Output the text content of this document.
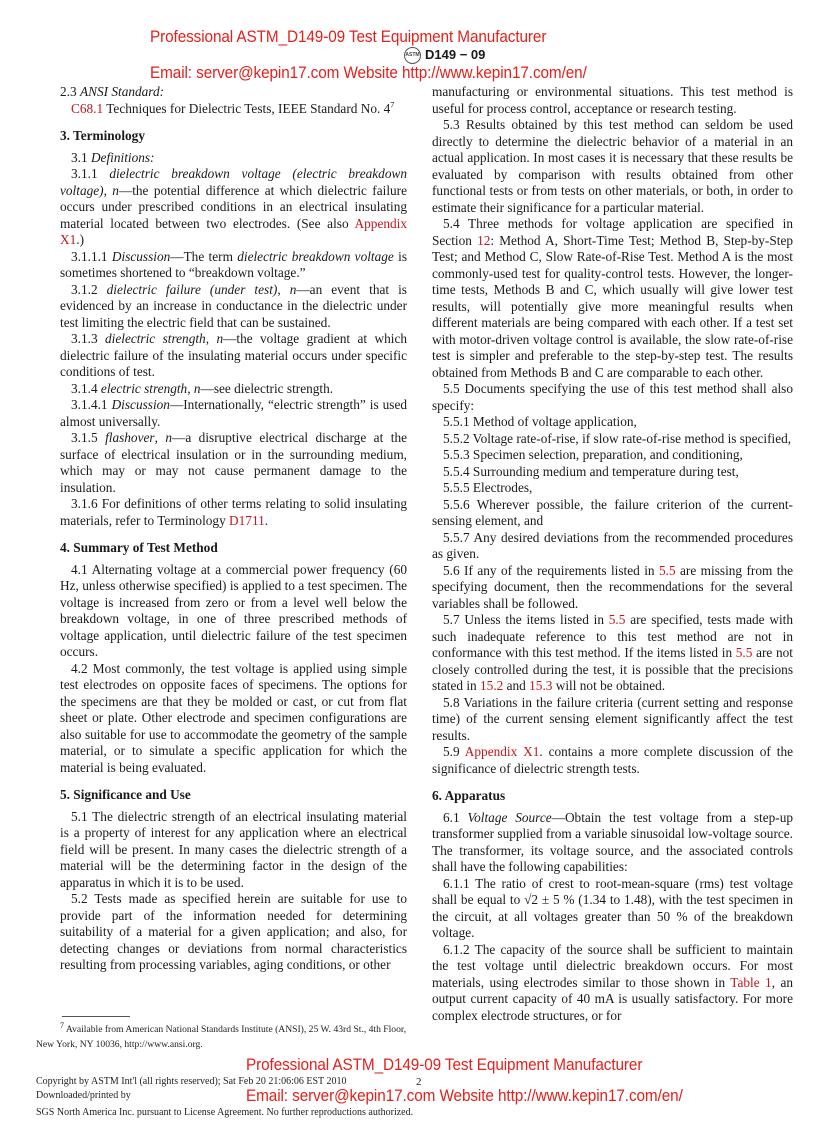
Professional ASTM_D149-09 Test Equipment Manufacturer
ASTM D149 − 09
Email: server@kepin17.com Website http://www.kepin17.com/en/

2.3 ANSI Standard:

C68.1 Techniques for Dielectric Tests, IEEE Standard No. $4^7$

3. Terminology

3.1 Definitions:

3.1.1 dielectric breakdown voltage (electric breakdown voltage), n—the potential difference at which dielectric failure occurs under prescribed conditions in an electrical insulating material located between two electrodes. (See also Appendix X1.)

3.1.1.1 Discussion—The term dielectric breakdown voltage is sometimes shortened to “breakdown voltage.”

3.1.2 dielectric failure (under test), n—an event that is evidenced by an increase in conductance in the dielectric under test limiting the electric field that can be sustained.

3.1.3 dielectric strength, n—the voltage gradient at which dielectric failure of the insulating material occurs under specific conditions of test.

3.1.4 electric strength, n—see dielectric strength.

3.1.4.1 Discussion—Internationally, “electric strength” is used almost universally.

3.1.5 flashover, n—a disruptive electrical discharge at the surface of electrical insulation or in the surrounding medium, which may or may not cause permanent damage to the insulation.

3.1.6 For definitions of other terms relating to solid insulating materials, refer to Terminology D1711.

4. Summary of Test Method

4.1 Alternating voltage at a commercial power frequency (60 Hz, unless otherwise specified) is applied to a test specimen. The voltage is increased from zero or from a level well below the breakdown voltage, in one of three prescribed methods of voltage application, until dielectric failure of the test specimen occurs.

4.2 Most commonly, the test voltage is applied using simple test electrodes on opposite faces of specimens. The options for the specimens are that they be molded or cast, or cut from flat sheet or plate. Other electrode and specimen configurations are also suitable for use to accommodate the geometry of the sample material, or to simulate a specific application for which the material is being evaluated.

5. Significance and Use

5.1 The dielectric strength of an electrical insulating material is a property of interest for any application where an electrical field will be present. In many cases the dielectric strength of a material will be the determining factor in the design of the apparatus in which it is to be used.

5.2 Tests made as specified herein are suitable for use to provide part of the information needed for determining suitability of a material for a given application; and also, for detecting changes or deviations from normal characteristics resulting from processing variables, aging conditions, or other

manufacturing or environmental situations. This test method is useful for process control, acceptance or research testing.

5.3 Results obtained by this test method can seldom be used directly to determine the dielectric behavior of a material in an actual application. In most cases it is necessary that these results be evaluated by comparison with results obtained from other functional tests or from tests on other materials, or both, in order to estimate their significance for a particular material.

5.4 Three methods for voltage application are specified in Section 12: Method A, Short-Time Test; Method B, Step-by-Step Test; and Method C, Slow Rate-of-Rise Test. Method A is the most commonly-used test for quality-control tests. However, the longer-time tests, Methods B and C, which usually will give lower test results, will potentially give more meaningful results when different materials are being compared with each other. If a test set with motor-driven voltage control is available, the slow rate-of-rise test is simpler and preferable to the step-by-step test. The results obtained from Methods B and C are comparable to each other.

5.5 Documents specifying the use of this test method shall also specify:

5.5.1 Method of voltage application,

5.5.2 Voltage rate-of-rise, if slow rate-of-rise method is specified,

5.5.3 Specimen selection, preparation, and conditioning,

5.5.4 Surrounding medium and temperature during test,

5.5.5 Electrodes,

5.5.6 Wherever possible, the failure criterion of the current-sensing element, and

5.5.7 Any desired deviations from the recommended procedures as given.

5.6 If any of the requirements listed in 5.5 are missing from the specifying document, then the recommendations for the several variables shall be followed.

5.7 Unless the items listed in 5.5 are specified, tests made with such inadequate reference to this test method are not in conformance with this test method. If the items listed in 5.5 are not closely controlled during the test, it is possible that the precisions stated in 15.2 and 15.3 will not be obtained.

5.8 Variations in the failure criteria (current setting and response time) of the current sensing element significantly affect the test results.

5.9 Appendix X1. contains a more complete discussion of the significance of dielectric strength tests.

6. Apparatus

6.1 Voltage Source—Obtain the test voltage from a step-up transformer supplied from a variable sinusoidal low-voltage source. The transformer, its voltage source, and the associated controls shall have the following capabilities:

6.1.1 The ratio of crest to root-mean-square (rms) test voltage shall be equal to √2 ± 5 % (1.34 to 1.48), with the test specimen in the circuit, at all voltages greater than 50 % of the breakdown voltage.

6.1.2 The capacity of the source shall be sufficient to maintain the test voltage until dielectric breakdown occurs. For most materials, using electrodes similar to those shown in Table 1, an output current capacity of 40 mA is usually satisfactory. For more complex electrode structures, or for

$^7$ Available from American National Standards Institute (ANSI), 25 W. 43rd St., 4th Floor, New York, NY 10036, http://www.ansi.org.
Professional ASTM_D149-09 Test Equipment Manufacturer
2
Copyright by ASTM Int'l (all rights reserved); Sat Feb 20 21:06:06 EST 2010
Downloaded/printed by	Email: server@kepin17.com Website http://www.kepin17.com/en/
SGS North America Inc. pursuant to License Agreement. No further reproductions authorized.
